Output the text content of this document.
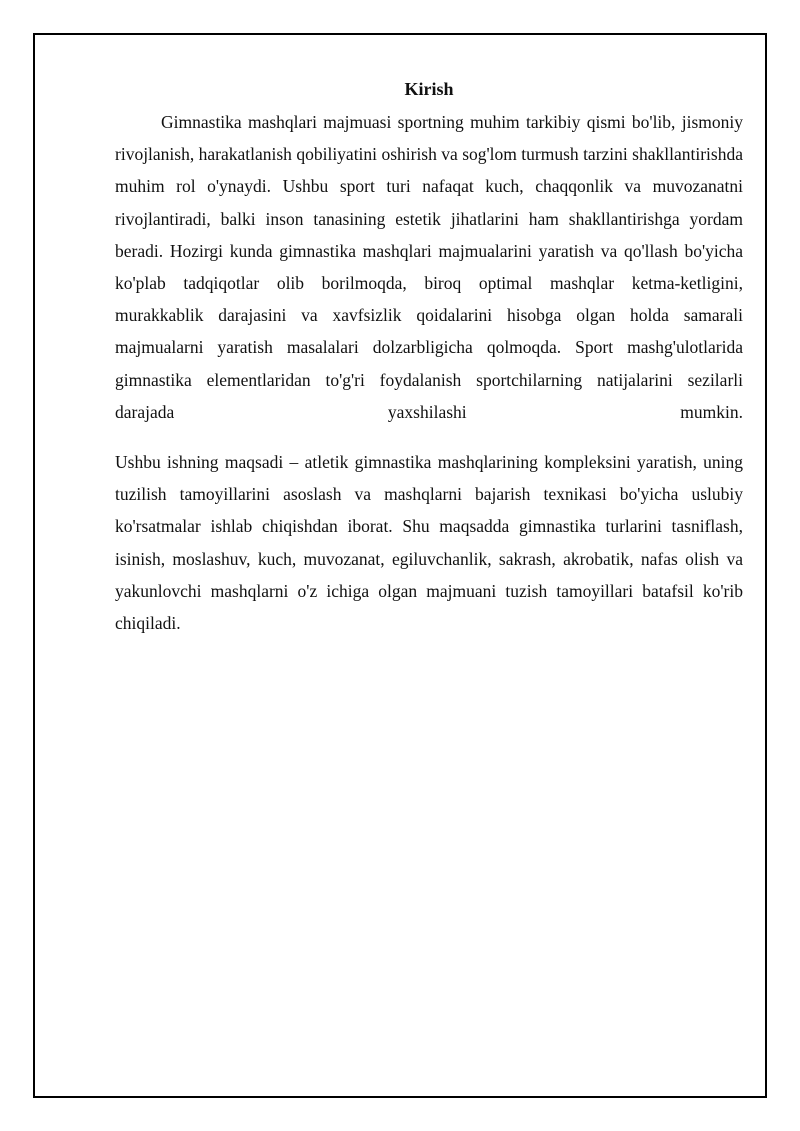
Kirish

Gimnastika mashqlari majmuasi sportning muhim tarkibiy qismi bo'lib, jismoniy rivojlanish, harakatlanish qobiliyatini oshirish va sog'lom turmush tarzini shakllantirishda muhim rol o'ynaydi. Ushbu sport turi nafaqat kuch, chaqqonlik va muvozanatni rivojlantiradi, balki inson tanasining estetik jihatlarini ham shakllantirishga yordam beradi. Hozirgi kunda gimnastika mashqlari majmualarini yaratish va qo'llash bo'yicha ko'plab tadqiqotlar olib borilmoqda, biroq optimal mashqlar ketma-ketligini, murakkablik darajasini va xavfsizlik qoidalarini hisobga olgan holda samarali majmualarni yaratish masalalari dolzarbligicha qolmoqda. Sport mashg'ulotlarida gimnastika elementlaridan to'g'ri foydalanish sportchilarning natijalarini sezilarli darajada yaxshilashi mumkin.

Ushbu ishning maqsadi – atletik gimnastika mashqlarining kompleksini yaratish, uning tuzilish tamoyillarini asoslash va mashqlarni bajarish texnikasi bo'yicha uslubiy ko'rsatmalar ishlab chiqishdan iborat. Shu maqsadda gimnastika turlarini tasniflash, isinish, moslashuv, kuch, muvozanat, egiluvchanlik, sakrash, akrobatik, nafas olish va yakunlovchi mashqlarni o'z ichiga olgan majmuani tuzish tamoyillari batafsil ko'rib chiqiladi.
